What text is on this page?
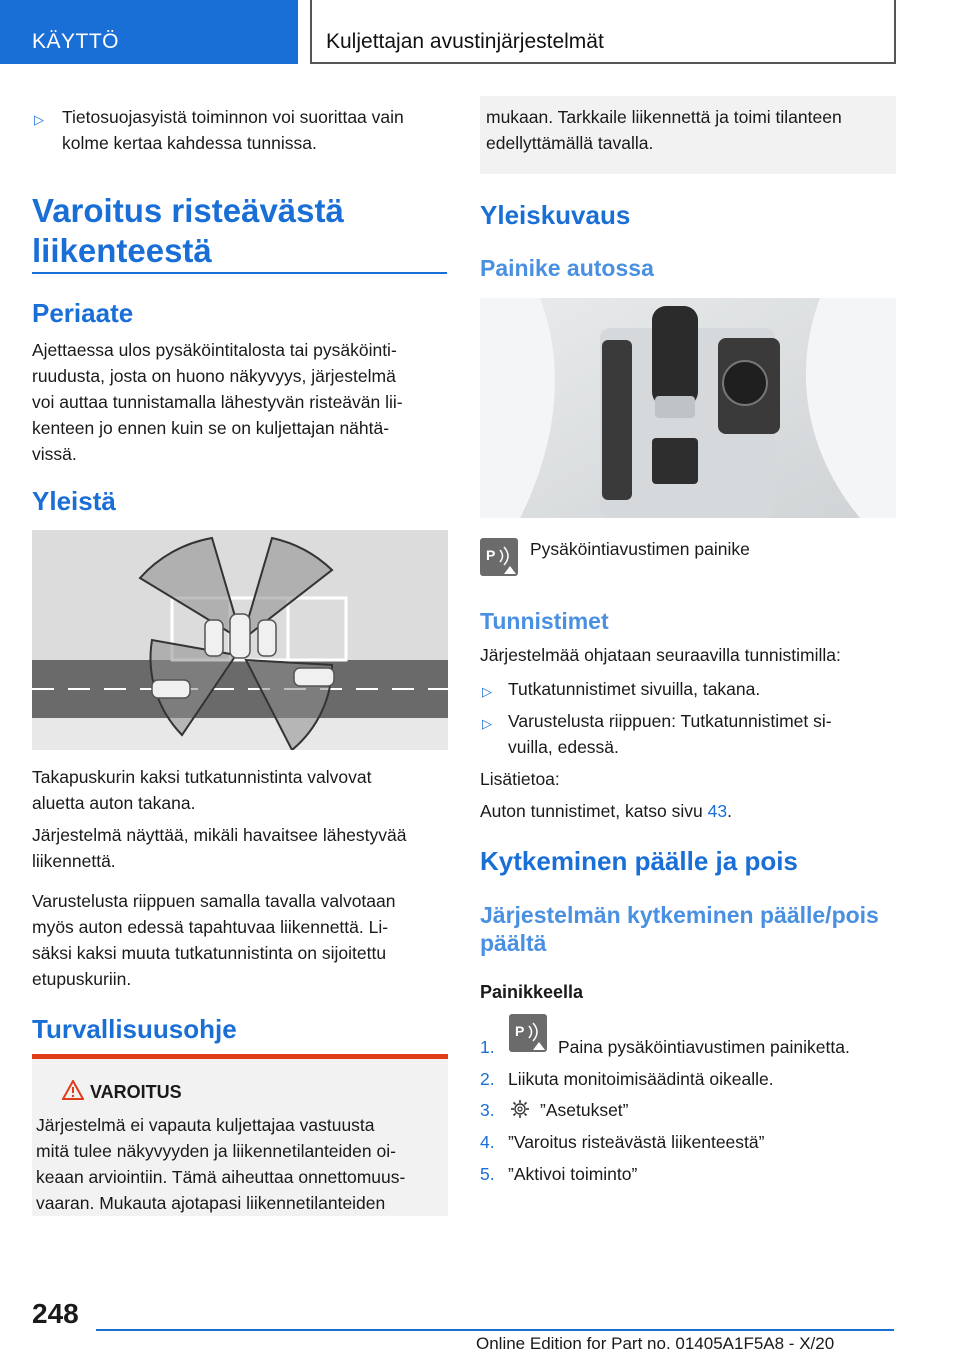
KÄYTTÖ	Kuljettajan avustinjärjestelmät
▷ Tietosuojasyistä toiminnon voi suorittaa vain
kolme kertaa kahdessa tunnissa.
Varoitus risteävästä
liikenteestä
Periaate
Ajettaessa ulos pysäköintitalosta tai pysäköinti-
ruudusta, josta on huono näkyvyys, järjestelmä
voi auttaa tunnistamalla lähestyvän risteävän lii-
kenteen jo ennen kuin se on kuljettajan nähtä-
vissä.
Yleistä
Takapuskurin kaksi tutkatunnistinta valvovat
aluetta auton takana.
Järjestelmä näyttää, mikäli havaitsee lähestyvää
liikennettä.
Varustelusta riippuen samalla tavalla valvotaan
myös auton edessä tapahtuvaa liikennettä. Li-
säksi kaksi muuta tutkatunnistinta on sijoitettu
etupuskuriin.
Turvallisuusohje
VAROITUS
Järjestelmä ei vapauta kuljettajaa vastuusta
mitä tulee näkyvyyden ja liikennetilanteiden oi-
keaan arviointiin. Tämä aiheuttaa onnettomuus-
vaaran. Mukauta ajotapasi liikennetilanteiden
mukaan. Tarkkaile liikennettä ja toimi tilanteen
edellyttämällä tavalla.
Yleiskuvaus
Painike autossa
P Pysäköintiavustimen painike
Tunnistimet
Järjestelmää ohjataan seuraavilla tunnistimilla:
▷ Tutkatunnistimet sivuilla, takana.
▷ Varustelusta riippuen: Tutkatunnistimet si-
vuilla, edessä.
Lisätietoa:
Auton tunnistimet, katso sivu 43.
Kytkeminen päälle ja pois
Järjestelmän kytkeminen päälle/pois
päältä
Painikkeella
1.
P
Paina pysäköintiavustimen painiketta.
2. Liikuta monitoimisäädintä oikealle.
3.	”Asetukset”
4. ”Varoitus risteävästä liikenteestä”
5. ”Aktivoi toiminto”
248
Online Edition for Part no. 01405A1F5A8 - X/20
